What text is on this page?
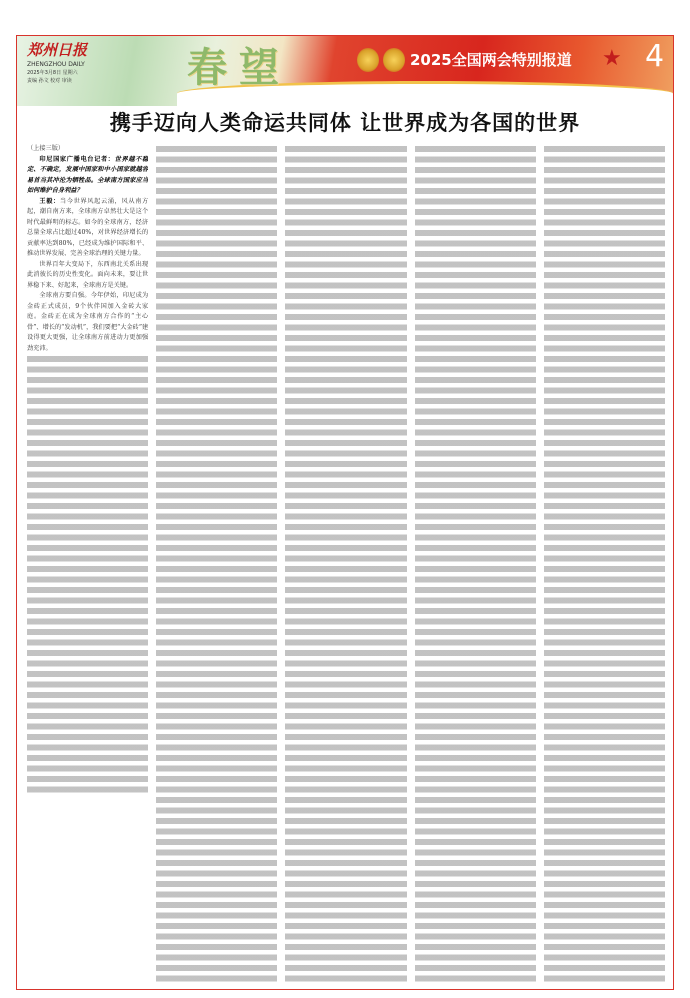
郑州日报
ZHENGZHOU DAILY
2025年3月8日 星期六
责编 孙文 校对 审读	春望	2025全国两会特别报道 ★ 4
携手迈向人类命运共同体 让世界成为各国的世界

（上接三版）

印尼国家广播电台记者：世界越不稳定、不确定，发展中国家和中小国家就越容易首当其冲沦为牺牲品。全球南方国家应当如何维护自身利益？

王毅：当今世界风起云涌，风从南方起，潮自南方来，全球南方卓然壮大是这个时代最鲜明的标志。如今的全球南方，经济总量全球占比超过40%，对世界经济增长的贡献率达到80%，已经成为维护国际和平、推动世界发展、完善全球治理的关键力量。

世界百年大变局下，东西南北关系出现此消彼长的历史性变化。面向未来，要让世界稳下来、好起来，全球南方是关键。

全球南方要自强。今年伊始，印尼成为金砖正式成员，9个伙伴国加入金砖大家庭。金砖正在成为全球南方合作的“主心骨”、增长的“发动机”，我们要把“大金砖”建设得更大更强，让全球南方前进动力更加强劲充沛。
